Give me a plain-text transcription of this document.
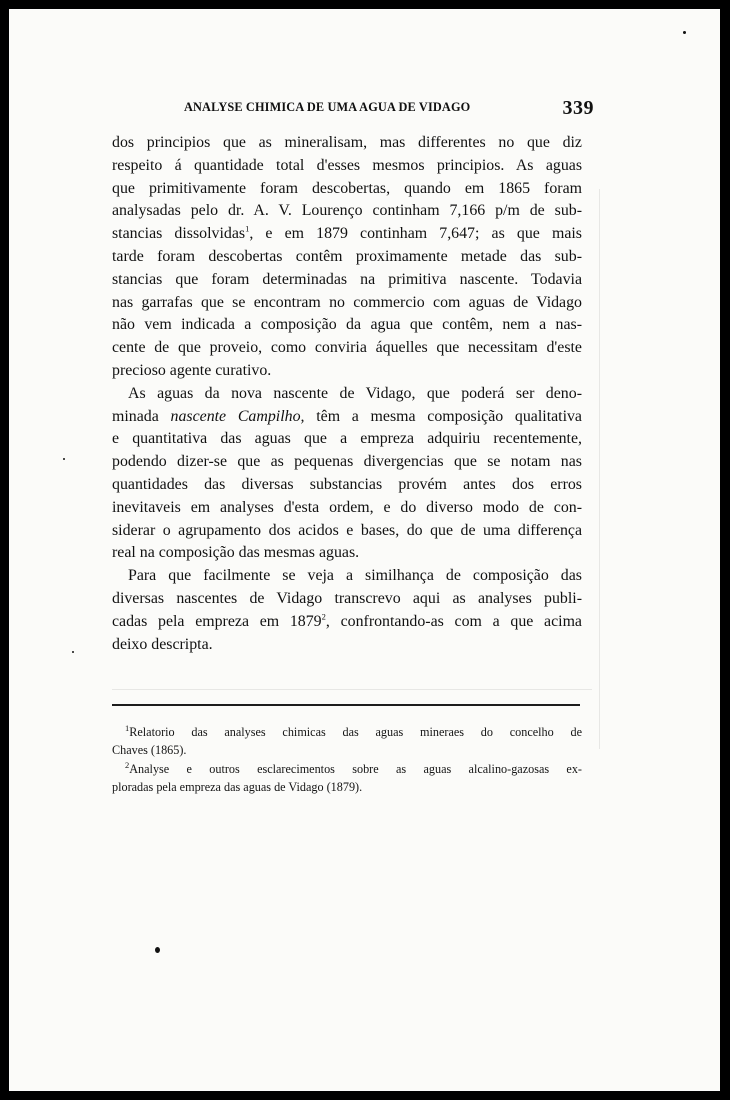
ANALYSE CHIMICA DE UMA AGUA DE VIDAGO	339
dos principios que as mineralisam, mas differentes no que diz
respeito á quantidade total d'esses mesmos principios. As aguas
que primitivamente foram descobertas, quando em 1865 foram
analysadas pelo dr. A. V. Lourenço continham 7,166 p/m de sub-
stancias dissolvidas$^1$, e em 1879 continham 7,647; as que mais
tarde foram descobertas contêm proximamente metade das sub-
stancias que foram determinadas na primitiva nascente. Todavia
nas garrafas que se encontram no commercio com aguas de Vidago
não vem indicada a composição da agua que contêm, nem a nas-
cente de que proveio, como conviria áquelles que necessitam d'este
precioso agente curativo.
As aguas da nova nascente de Vidago, que poderá ser deno-
minada nascente Campilho, têm a mesma composição qualitativa
e quantitativa das aguas que a empreza adquiriu recentemente,
podendo dizer-se que as pequenas divergencias que se notam nas
quantidades das diversas substancias provém antes dos erros
inevitaveis em analyses d'esta ordem, e do diverso modo de con-
siderar o agrupamento dos acidos e bases, do que de uma differença
real na composição das mesmas aguas.
Para que facilmente se veja a similhança de composição das
diversas nascentes de Vidago transcrevo aqui as analyses publi-
cadas pela empreza em 1879$^2$, confrontando-as com a que acima
deixo descripta.
$^1$Relatorio das analyses chimicas das aguas mineraes do concelho de
Chaves (1865).
$^2$Analyse e outros esclarecimentos sobre as aguas alcalino-gazosas ex-
ploradas pela empreza das aguas de Vidago (1879).
